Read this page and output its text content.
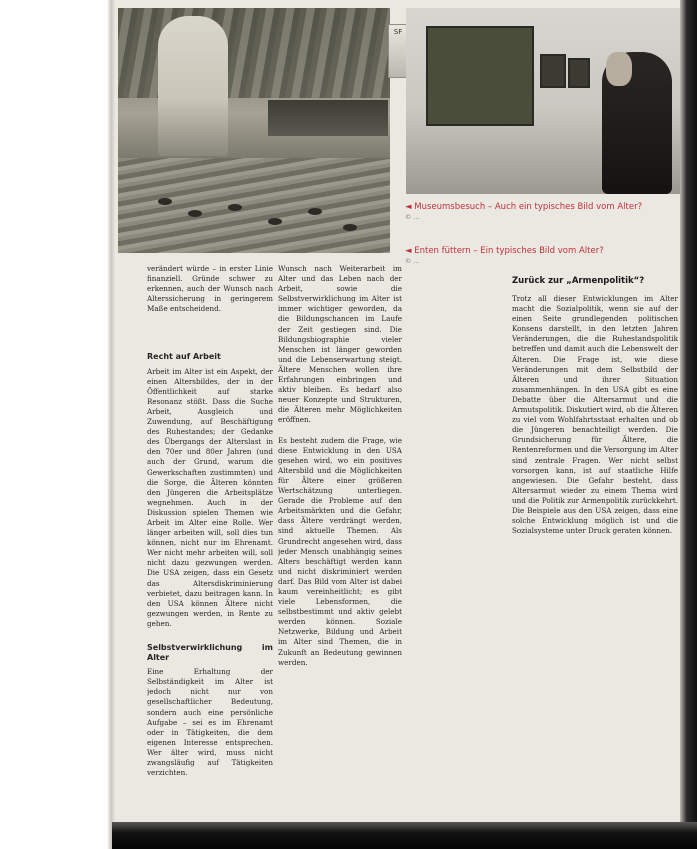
SF
◄ Museumsbesuch – Auch ein typisches Bild vom Alter?
© ...
◄ Enten füttern – Ein typisches Bild vom Alter?
© ...
verändert würde – in erster Linie finanziell. Gründe schwer zu erkennen, auch der Wunsch nach Alterssicherung in geringerem Maße entscheidend.
Recht auf Arbeit
Arbeit im Alter ist ein Aspekt, der einen Altersbildes, der in der Öffentlichkeit auf starke Resonanz stößt. Dass die Suche Arbeit, Ausgleich und Zuwendung, auf Beschäftigung des Ruhestandes; der Gedanke des Übergangs der Alterslast in den 70er und 80er Jahren (und auch der Grund, warum die Gewerkschaften zustimmten) und die Sorge, die Älteren könnten den Jüngeren die Arbeitsplätze wegnehmen. Auch in der Diskussion spielen Themen wie Arbeit im Alter eine Rolle. Wer länger arbeiten will, soll dies tun können, nicht nur im Ehrenamt. Wer nicht mehr arbeiten will, soll nicht dazu gezwungen werden. Die USA zeigen, dass ein Gesetz das Altersdiskriminierung verbietet, dazu beitragen kann. In den USA können Ältere nicht gezwungen werden, in Rente zu gehen.
Selbstverwirklichung im Alter
Eine Erhaltung der Selbständigkeit im Alter ist jedoch nicht nur von gesellschaftlicher Bedeutung, sondern auch eine persönliche Aufgabe – sei es im Ehrenamt oder in Tätigkeiten, die dem eigenen Interesse entsprechen. Wer älter wird, muss nicht zwangsläufig auf Tätigkeiten verzichten.
Wunsch nach Weiterarbeit im Alter und das Leben nach der Arbeit, sowie die Selbstverwirklichung im Alter ist immer wichtiger geworden, da die Bildungschancen im Laufe der Zeit gestiegen sind. Die Bildungsbiographie vieler Menschen ist länger geworden und die Lebenserwartung steigt. Ältere Menschen wollen ihre Erfahrungen einbringen und aktiv bleiben. Es bedarf also neuer Konzepte und Strukturen, die Älteren mehr Möglichkeiten eröffnen.

Es besteht zudem die Frage, wie diese Entwicklung in den USA gesehen wird, wo ein positives Altersbild und die Möglichkeiten für Ältere einer größeren Wertschätzung unterliegen. Gerade die Probleme auf den Arbeitsmärkten und die Gefahr, dass Ältere verdrängt werden, sind aktuelle Themen. Als Grundrecht angesehen wird, dass jeder Mensch unabhängig seines Alters beschäftigt werden kann und nicht diskriminiert werden darf. Das Bild vom Alter ist dabei kaum vereinheitlicht; es gibt viele Lebensformen, die selbstbestimmt und aktiv gelebt werden können. Soziale Netzwerke, Bildung und Arbeit im Alter sind Themen, die in Zukunft an Bedeutung gewinnen werden.
Zurück zur „Armenpolitik“?
Trotz all dieser Entwicklungen im Alter macht die Sozialpolitik, wenn sie auf der einen Seite grundlegenden politischen Konsens darstellt, in den letzten Jahren Veränderungen, die die Ruhestandspolitik betreffen und damit auch die Lebenswelt der Älteren. Die Frage ist, wie diese Veränderungen mit dem Selbstbild der Älteren und ihrer Situation zusammenhängen. In den USA gibt es eine Debatte über die Altersarmut und die Armutspolitik. Diskutiert wird, ob die Älteren zu viel vom Wohlfahrtsstaat erhalten und ob die Jüngeren benachteiligt werden. Die Grundsicherung für Ältere, die Rentenreformen und die Versorgung im Alter sind zentrale Fragen. Wer nicht selbst vorsorgen kann, ist auf staatliche Hilfe angewiesen. Die Gefahr besteht, dass Altersarmut wieder zu einem Thema wird und die Politik zur Armenpolitik zurückkehrt. Die Beispiele aus den USA zeigen, dass eine solche Entwicklung möglich ist und die Sozialsysteme unter Druck geraten können.
